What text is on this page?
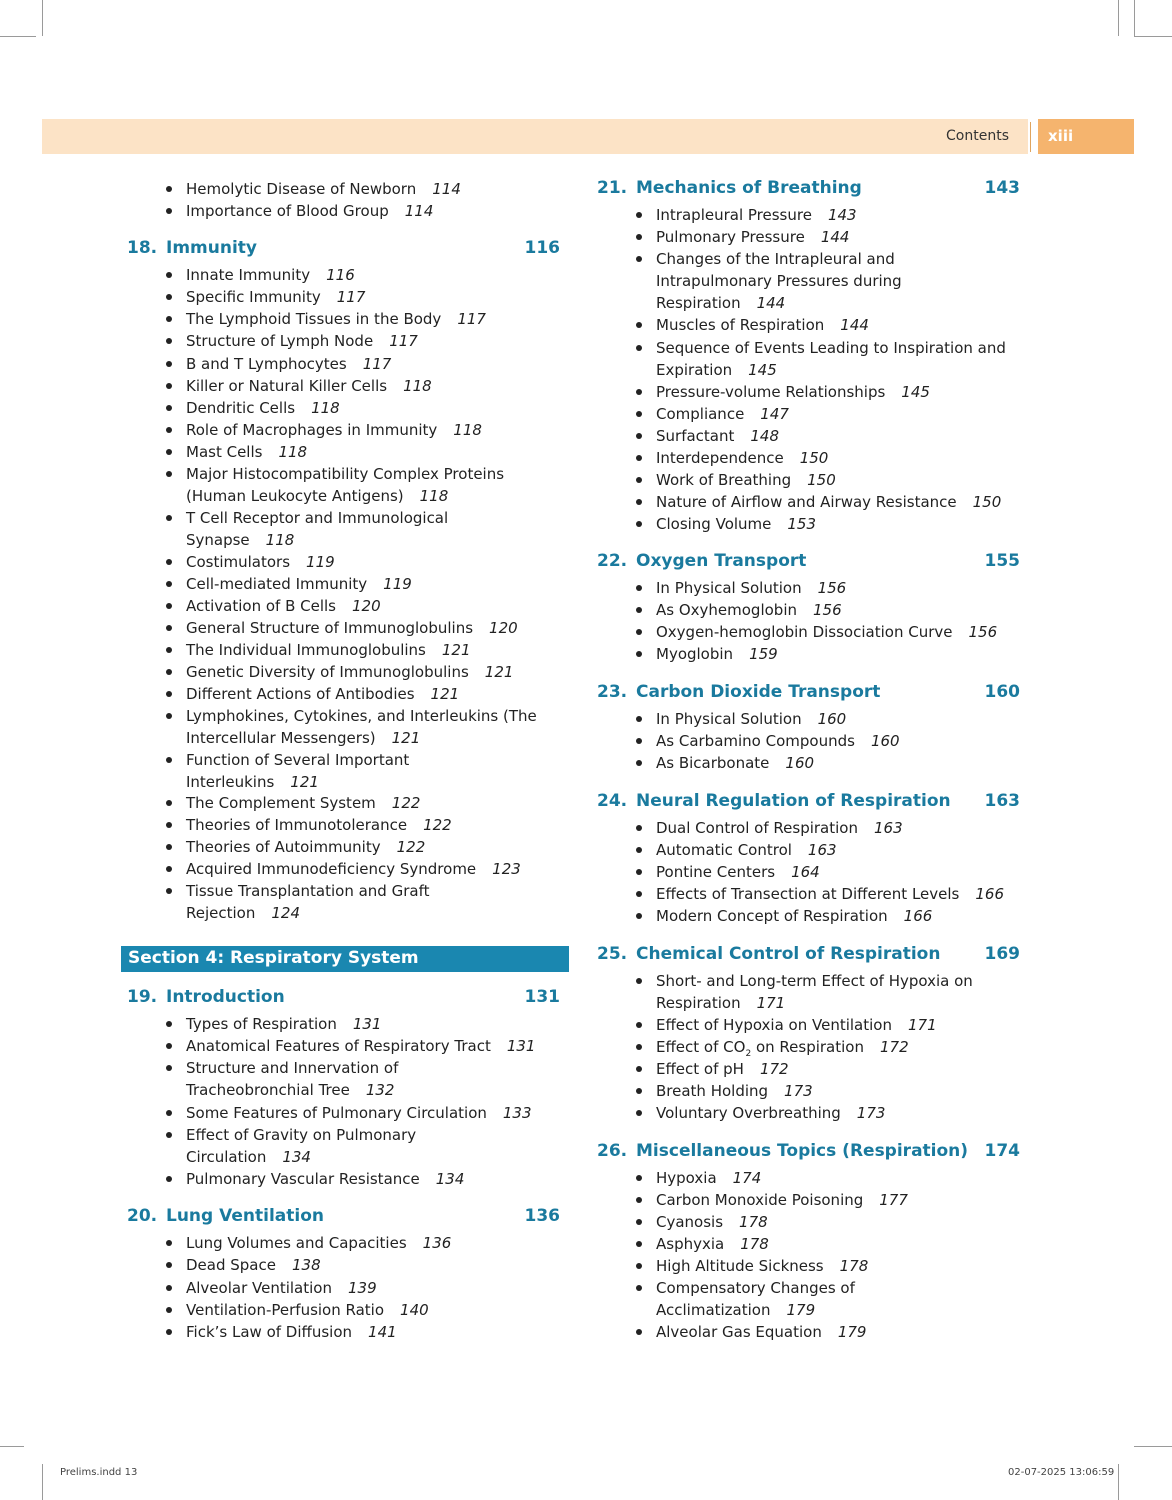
Contents	xiii
Hemolytic Disease of Newborn 114
Importance of Blood Group 114
18. Immunity	116
Innate Immunity 116
Specific Immunity 117
The Lymphoid Tissues in the Body 117
Structure of Lymph Node 117
B and T Lymphocytes 117
Killer or Natural Killer Cells 118
Dendritic Cells 118
Role of Macrophages in Immunity 118
Mast Cells 118
Major Histocompatibility Complex Proteins
(Human Leukocyte Antigens) 118
T Cell Receptor and Immunological
Synapse 118
Costimulators 119
Cell-mediated Immunity 119
Activation of B Cells 120
General Structure of Immunoglobulins 120
The Individual Immunoglobulins 121
Genetic Diversity of Immunoglobulins 121
Different Actions of Antibodies 121
Lymphokines, Cytokines, and Interleukins (The
Intercellular Messengers) 121
Function of Several Important
Interleukins 121
The Complement System 122
Theories of Immunotolerance 122
Theories of Autoimmunity 122
Acquired Immunodeficiency Syndrome 123
Tissue Transplantation and Graft
Rejection 124
19. Introduction	131
Types of Respiration 131
Anatomical Features of Respiratory Tract 131
Structure and Innervation of
Tracheobronchial Tree 132
Some Features of Pulmonary Circulation 133
Effect of Gravity on Pulmonary
Circulation 134
Pulmonary Vascular Resistance 134
20. Lung Ventilation	136
Lung Volumes and Capacities 136
Dead Space 138
Alveolar Ventilation 139
Ventilation-Perfusion Ratio 140
Fick’s Law of Diffusion 141
Section 4: Respiratory System
21. Mechanics of Breathing	143
Intrapleural Pressure 143
Pulmonary Pressure 144
Changes of the Intrapleural and
Intrapulmonary Pressures during
Respiration 144
Muscles of Respiration 144
Sequence of Events Leading to Inspiration and
Expiration 145
Pressure-volume Relationships 145
Compliance 147
Surfactant 148
Interdependence 150
Work of Breathing 150
Nature of Airflow and Airway Resistance 150
Closing Volume 153
22. Oxygen Transport	155
In Physical Solution 156
As Oxyhemoglobin 156
Oxygen-hemoglobin Dissociation Curve 156
Myoglobin 159
23. Carbon Dioxide Transport	160
In Physical Solution 160
As Carbamino Compounds 160
As Bicarbonate 160
24. Neural Regulation of Respiration 163
Dual Control of Respiration 163
Automatic Control 163
Pontine Centers 164
Effects of Transection at Different Levels 166
Modern Concept of Respiration 166
25. Chemical Control of Respiration	169
Short- and Long-term Effect of Hypoxia on
Respiration 171
Effect of Hypoxia on Ventilation 171
Effect of $CO_2$ on Respiration 172
Effect of pH 172
Breath Holding 173
Voluntary Overbreathing 173
26. Miscellaneous Topics (Respiration) 174
Hypoxia 174
Carbon Monoxide Poisoning 177
Cyanosis 178
Asphyxia 178
High Altitude Sickness 178
Compensatory Changes of
Acclimatization 179
Alveolar Gas Equation 179
Prelims.indd 13	02-07-2025 13:06:59
